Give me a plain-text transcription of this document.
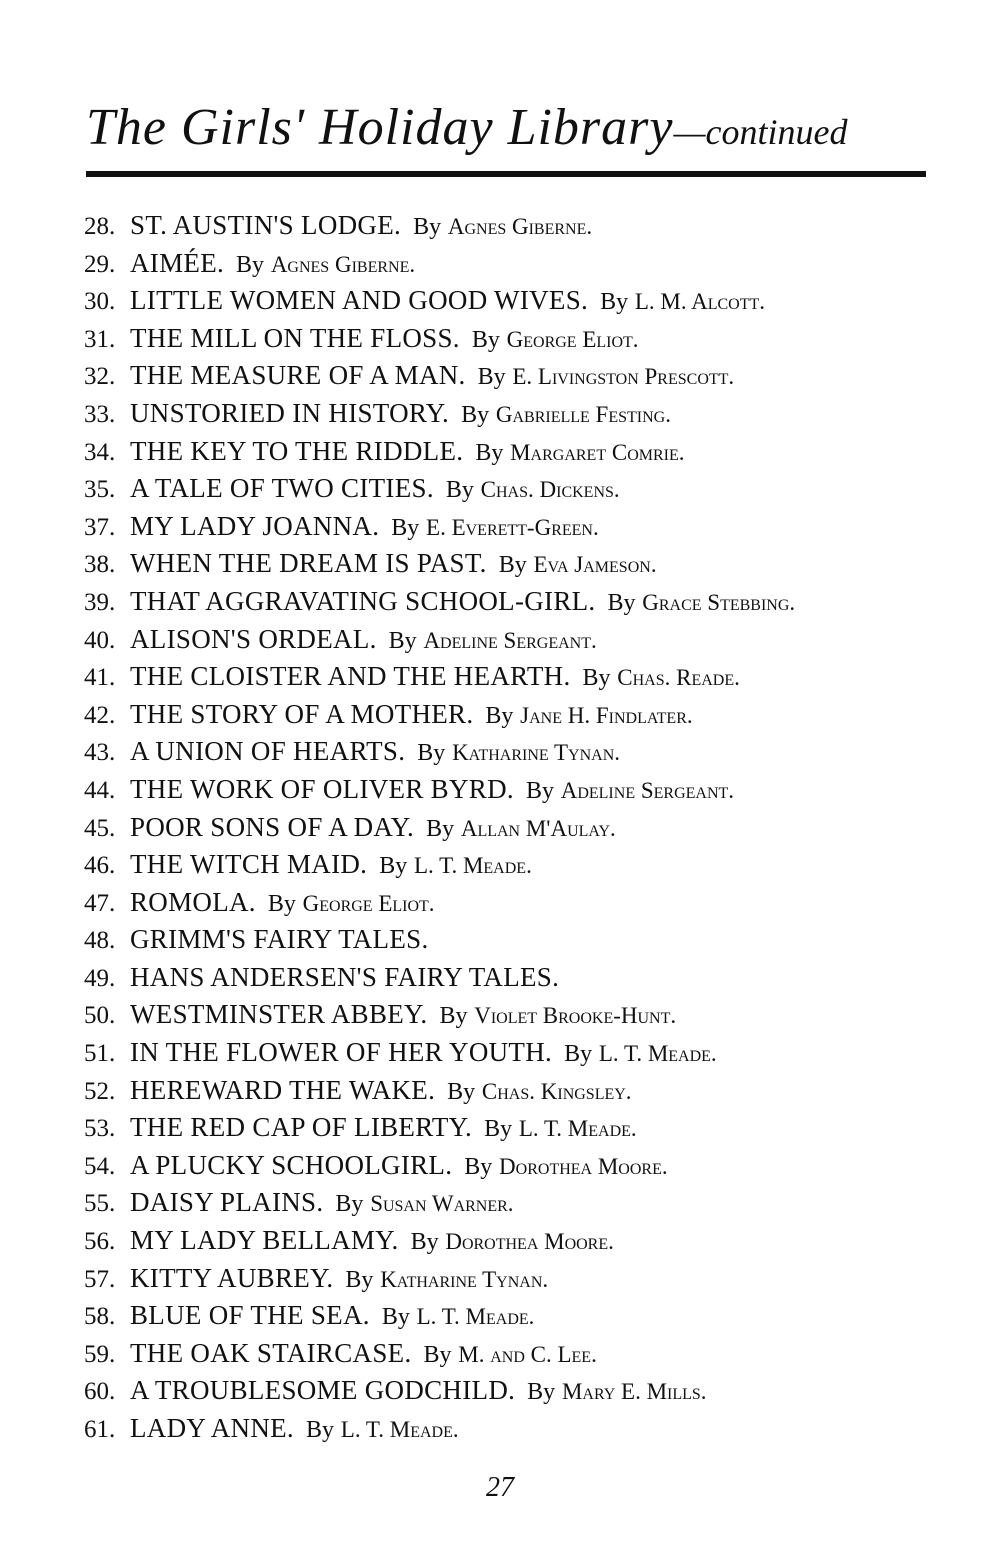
The Girls' Holiday Library—continued
28. ST. AUSTIN'S LODGE. By Agnes Giberne.
29. AIMÉE. By Agnes Giberne.
30. LITTLE WOMEN AND GOOD WIVES. By L. M. Alcott.
31. THE MILL ON THE FLOSS. By George Eliot.
32. THE MEASURE OF A MAN. By E. Livingston Prescott.
33. UNSTORIED IN HISTORY. By Gabrielle Festing.
34. THE KEY TO THE RIDDLE. By Margaret Comrie.
35. A TALE OF TWO CITIES. By Chas. Dickens.
37. MY LADY JOANNA. By E. Everett-Green.
38. WHEN THE DREAM IS PAST. By Eva Jameson.
39. THAT AGGRAVATING SCHOOL-GIRL. By Grace Stebbing.
40. ALISON'S ORDEAL. By Adeline Sergeant.
41. THE CLOISTER AND THE HEARTH. By Chas. Reade.
42. THE STORY OF A MOTHER. By Jane H. Findlater.
43. A UNION OF HEARTS. By Katharine Tynan.
44. THE WORK OF OLIVER BYRD. By Adeline Sergeant.
45. POOR SONS OF A DAY. By Allan M'Aulay.
46. THE WITCH MAID. By L. T. Meade.
47. ROMOLA. By George Eliot.
48. GRIMM'S FAIRY TALES.
49. HANS ANDERSEN'S FAIRY TALES.
50. WESTMINSTER ABBEY. By Violet Brooke-Hunt.
51. IN THE FLOWER OF HER YOUTH. By L. T. Meade.
52. HEREWARD THE WAKE. By Chas. Kingsley.
53. THE RED CAP OF LIBERTY. By L. T. Meade.
54. A PLUCKY SCHOOLGIRL. By Dorothea Moore.
55. DAISY PLAINS. By Susan Warner.
56. MY LADY BELLAMY. By Dorothea Moore.
57. KITTY AUBREY. By Katharine Tynan.
58. BLUE OF THE SEA. By L. T. Meade.
59. THE OAK STAIRCASE. By M. and C. Lee.
60. A TROUBLESOME GODCHILD. By Mary E. Mills.
61. LADY ANNE. By L. T. Meade.
27
